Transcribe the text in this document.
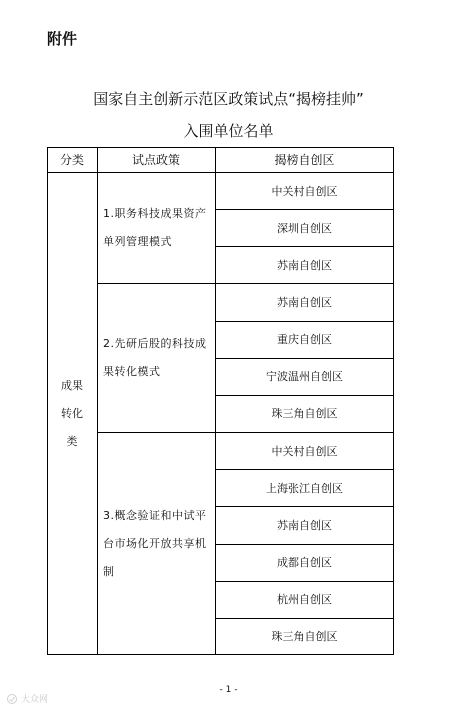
附件
国家自主创新示范区政策试点“揭榜挂帅”
入围单位名单
分类	试点政策	揭榜自创区
成果转化类
1.职务科技成果资产单列管理模式
中关村自创区
深圳自创区
苏南自创区
2.先研后股的科技成果转化模式
苏南自创区
重庆自创区
宁波温州自创区
珠三角自创区
3.概念验证和中试平台市场化开放共享机制
中关村自创区
上海张江自创区
苏南自创区
成都自创区
杭州自创区
珠三角自创区
- 1 -
大众网
